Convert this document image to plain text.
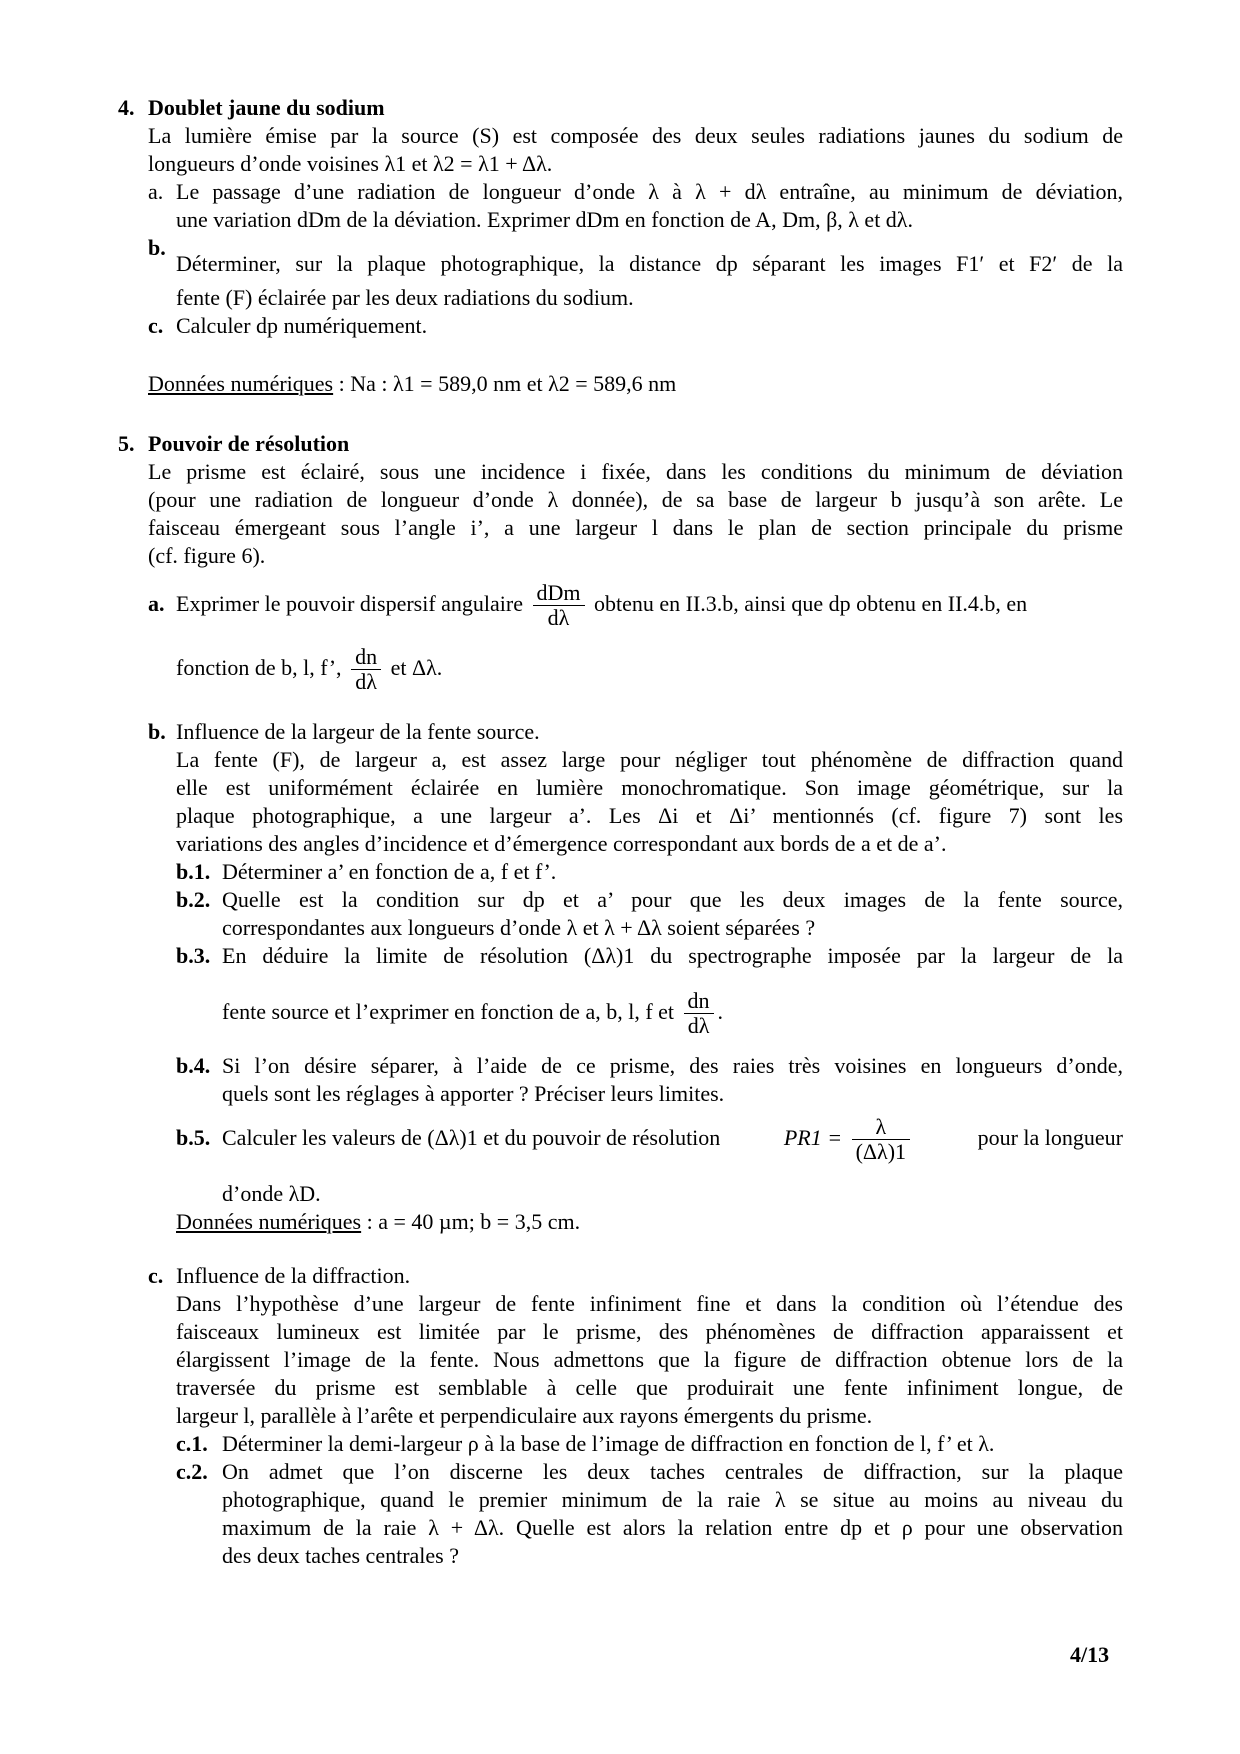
4. Doublet jaune du sodium
La lumière émise par la source (S) est composée des deux seules radiations jaunes du sodium de
longueurs d’onde voisines λ1 et λ2 = λ1 + Δλ.
a. Le passage d’une radiation de longueur d’onde λ à λ + dλ entraîne, au minimum de déviation,
une variation dDm de la déviation. Exprimer dDm en fonction de A, Dm, β, λ et dλ.
b.
Déterminer, sur la plaque photographique, la distance dp séparant les images F1′ et F2′ de la
fente (F) éclairée par les deux radiations du sodium.
c. Calculer dp numériquement.
Données numériques : Na : λ1 = 589,0 nm et λ2 = 589,6 nm
5. Pouvoir de résolution
Le prisme est éclairé, sous une incidence i fixée, dans les conditions du minimum de déviation
(pour une radiation de longueur d’onde λ donnée), de sa base de largeur b jusqu’à son arête. Le
faisceau émergeant sous l’angle i’, a une largeur l dans le plan de section principale du prisme
(cf. figure 6).
a. Exprimer le pouvoir dispersif angulaire $\frac{\text{dDm}}{d\lambda}$ obtenu en II.3.b, ainsi que dp obtenu en II.4.b, en
fonction de b, l, f’, $\frac{dn}{d\lambda}$ et Δλ.
b. Influence de la largeur de la fente source.
La fente (F), de largeur a, est assez large pour négliger tout phénomène de diffraction quand
elle est uniformément éclairée en lumière monochromatique. Son image géométrique, sur la
plaque photographique, a une largeur a’. Les Δi et Δi’ mentionnés (cf. figure 7) sont les
variations des angles d’incidence et d’émergence correspondant aux bords de a et de a’.
b.1. Déterminer a’ en fonction de a, f et f’.
b.2. Quelle est la condition sur dp et a’ pour que les deux images de la fente source,
correspondantes aux longueurs d’onde λ et λ + Δλ soient séparées ?
b.3. En déduire la limite de résolution (Δλ)1 du spectrographe imposée par la largeur de la
fente source et l’exprimer en fonction de a, b, l, f et $\frac{dn}{d\lambda}$ .
b.4. Si l’on désire séparer, à l’aide de ce prisme, des raies très voisines en longueurs d’onde,
quels sont les réglages à apporter ? Préciser leurs limites.
b.5. Calculer les valeurs de (Δλ)1 et du pouvoir de résolution	$PR1 = \frac{\lambda}{(\Delta\lambda)1}$	pour la longueur
d’onde λD.
Données numériques : a = 40 µm; b = 3,5 cm.
c. Influence de la diffraction.
Dans l’hypothèse d’une largeur de fente infiniment fine et dans la condition où l’étendue des
faisceaux lumineux est limitée par le prisme, des phénomènes de diffraction apparaissent et
élargissent l’image de la fente. Nous admettons que la figure de diffraction obtenue lors de la
traversée du prisme est semblable à celle que produirait une fente infiniment longue, de
largeur l, parallèle à l’arête et perpendiculaire aux rayons émergents du prisme.
c.1. Déterminer la demi-largeur ρ à la base de l’image de diffraction en fonction de l, f’ et λ.
c.2. On admet que l’on discerne les deux taches centrales de diffraction, sur la plaque
photographique, quand le premier minimum de la raie λ se situe au moins au niveau du
maximum de la raie λ + Δλ. Quelle est alors la relation entre dp et ρ pour une observation
des deux taches centrales ?
4/13
